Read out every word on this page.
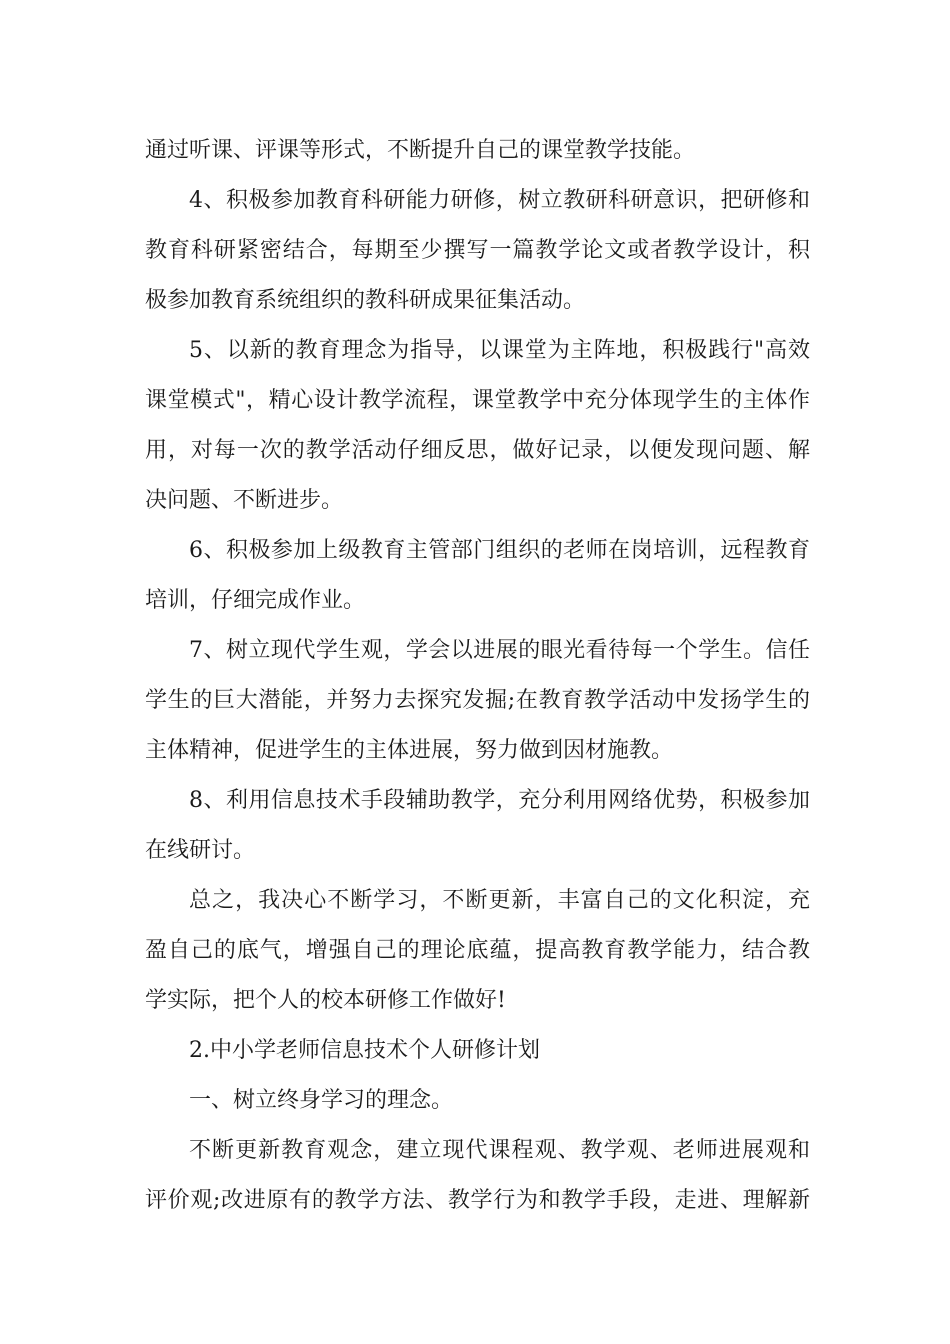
通过听课、评课等形式，不断提升自己的课堂教学技能。
4、积极参加教育科研能力研修，树立教研科研意识，把研修和
教育科研紧密结合，每期至少撰写一篇教学论文或者教学设计，积
极参加教育系统组织的教科研成果征集活动。
5、以新的教育理念为指导，以课堂为主阵地，积极践行"高效
课堂模式"，精心设计教学流程，课堂教学中充分体现学生的主体作
用，对每一次的教学活动仔细反思，做好记录，以便发现问题、解
决问题、不断进步。
6、积极参加上级教育主管部门组织的老师在岗培训，远程教育
培训，仔细完成作业。
7、树立现代学生观，学会以进展的眼光看待每一个学生。信任
学生的巨大潜能，并努力去探究发掘;在教育教学活动中发扬学生的
主体精神，促进学生的主体进展，努力做到因材施教。
8、利用信息技术手段辅助教学，充分利用网络优势，积极参加
在线研讨。
总之，我决心不断学习，不断更新，丰富自己的文化积淀，充
盈自己的底气，增强自己的理论底蕴，提高教育教学能力，结合教
学实际，把个人的校本研修工作做好!
2.中小学老师信息技术个人研修计划
一、树立终身学习的理念。
不断更新教育观念，建立现代课程观、教学观、老师进展观和
评价观;改进原有的教学方法、教学行为和教学手段，走进、理解新
